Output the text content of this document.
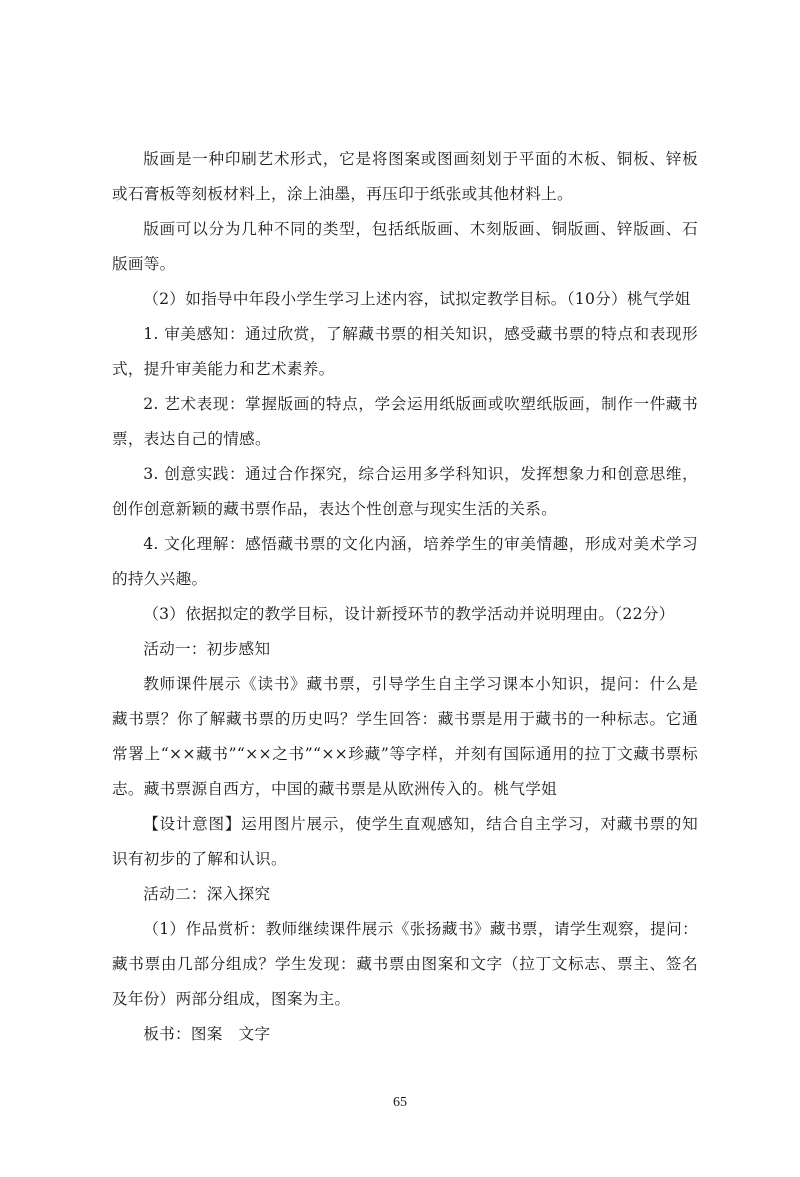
版画是一种印刷艺术形式，它是将图案或图画刻划于平面的木板、铜板、锌板或石膏板等刻板材料上，涂上油墨，再压印于纸张或其他材料上。

版画可以分为几种不同的类型，包括纸版画、木刻版画、铜版画、锌版画、石版画等。

（2）如指导中年段小学生学习上述内容，试拟定教学目标。（10分）桃气学姐

1. 审美感知：通过欣赏，了解藏书票的相关知识，感受藏书票的特点和表现形式，提升审美能力和艺术素养。

2. 艺术表现：掌握版画的特点，学会运用纸版画或吹塑纸版画，制作一件藏书票，表达自己的情感。

3. 创意实践：通过合作探究，综合运用多学科知识，发挥想象力和创意思维，创作创意新颖的藏书票作品，表达个性创意与现实生活的关系。

4. 文化理解：感悟藏书票的文化内涵，培养学生的审美情趣，形成对美术学习的持久兴趣。

（3）依据拟定的教学目标，设计新授环节的教学活动并说明理由。（22分）

活动一：初步感知

教师课件展示《读书》藏书票，引导学生自主学习课本小知识，提问：什么是藏书票？你了解藏书票的历史吗？学生回答：藏书票是用于藏书的一种标志。它通常署上“××藏书”“××之书”“××珍藏”等字样，并刻有国际通用的拉丁文藏书票标志。藏书票源自西方，中国的藏书票是从欧洲传入的。桃气学姐

【设计意图】运用图片展示，使学生直观感知，结合自主学习，对藏书票的知识有初步的了解和认识。

活动二：深入探究

（1）作品赏析：教师继续课件展示《张扬藏书》藏书票，请学生观察，提问：藏书票由几部分组成？学生发现：藏书票由图案和文字（拉丁文标志、票主、签名及年份）两部分组成，图案为主。

板书：图案　文字

65
